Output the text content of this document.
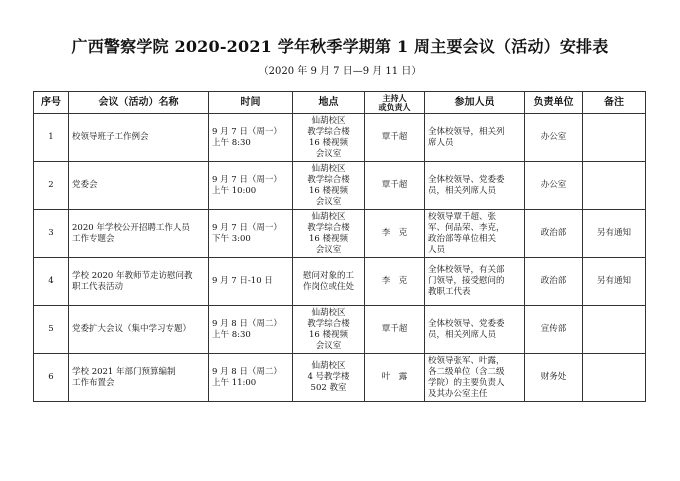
广西警察学院 2020-2021 学年秋季学期第 1 周主要会议（活动）安排表
（2020 年 9 月 7 日—9 月 11 日）
序号	会议（活动）名称	时间	地点	主持人
或负责人	参加人员	负责单位	备注
1	校领导班子工作例会	9 月 7 日（周一）
上午 8:30	仙葫校区
教学综合楼
16 楼视频
会议室	覃千超	全体校领导，相关列
席人员	办公室	
2	党委会	9 月 7 日（周一）
上午 10:00	仙葫校区
教学综合楼
16 楼视频
会议室	覃千超	全体校领导、党委委
员，相关列席人员	办公室	
3	2020 年学校公开招聘工作人员
工作专题会	9 月 7 日（周一）
下午 3:00	仙葫校区
教学综合楼
16 楼视频
会议室	李　克	校领导覃千超、张
军、何品荣、李克，
政治部等单位相关
人员	政治部	另有通知
4	学校 2020 年教师节走访慰问教
职工代表活动	9 月 7 日-10 日	慰问对象的工
作岗位或住处	李　克	全体校领导，有关部
门领导，接受慰问的
教职工代表	政治部	另有通知
5	党委扩大会议（集中学习专题）	9 月 8 日（周二）
上午 8:30	仙葫校区
教学综合楼
16 楼视频
会议室	覃千超	全体校领导、党委委
员，相关列席人员	宣传部	
6	学校 2021 年部门预算编制
工作布置会	9 月 8 日（周二）
上午 11:00	仙葫校区
4 号教学楼
502 教室	叶　露	校领导张军、叶露，
各二级单位（含二级
学院）的主要负责人
及其办公室主任	财务处	
